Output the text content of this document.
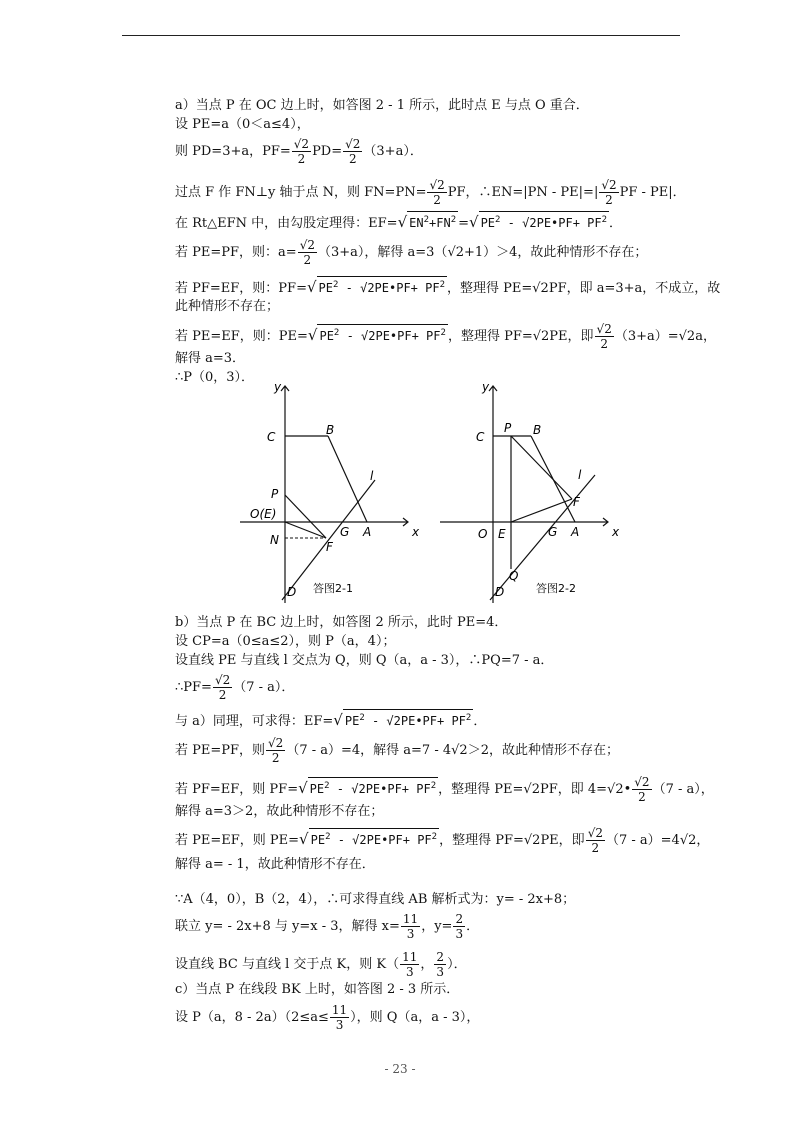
a）当点 P 在 OC 边上时，如答图 2 - 1 所示，此时点 E 与点 O 重合．
设 PE=a（0＜a≤4），
则 PD=3+a，$PF= \frac{√2}{2} PD= \frac{√2}{2} (3+a)$．
过点 F 作 FN⊥y 轴于点 N，则 $FN=PN= \frac{√2}{2}$ PF，∴EN=|PN - $PE|=| \frac{√2}{2}$ PF - PE|．
在 Rt△EFN 中，由勾股定理得：EF=√ $EN^2+FN^2$ =√ $PE^2$ - √2PE•PF+ $PF^2$ ．
若 PE=PF，则：$a= \frac{√2}{2} (3+a)$，解得 a=3（√2+1）＞4，故此种情形不存在；
若 PF=EF，则：PF=√ $PE^2$ - √2PE•PF+ $PF^2$ ，整理得 PE=√2PF，即 a=3+a，不成立，故
此种情形不存在；
若 PE=EF，则：PE=√ $PE^2$ - √2PE•PF+ $PF^2$ ，整理得 PF=√2PE，即 $\frac{√2}{2} (3+a)=√2a$，
解得 a=3．
∴P（0，3）．
y
x
C	B
l
P
O(E)
N
G A
F
D 答图2-1
y
x
C
P B
l
F
O E	G A
Q
D	答图2-2
b）当点 P 在 BC 边上时，如答图 2 所示，此时 PE=4．
设 CP=a（0≤a≤2），则 P（a，4）；
设直线 PE 与直线 l 交点为 Q，则 Q（a，a - 3），∴PQ=7 - a．
∴PF= $\frac{√2}{2} (7 - a)$．
与 a）同理，可求得：EF=√ $PE^2$ - √2PE•PF+ $PF^2$ ．
若 PE=PF，则 $\frac{√2}{2} (7 - a)=4$，解得 a=7 - 4√2＞2，故此种情形不存在；
若 PF=EF，则 PF=√ $PE^2$ - √2PE•PF+ $PF^2$ ，整理得 PE=√2PF，即 4=√2• $\frac{√2}{2} (7 - a)$，
解得 a=3＞2，故此种情形不存在；
若 PE=EF，则 PE=√ $PE^2$ - √2PE•PF+ $PF^2$ ，整理得 PF=√2PE，即 $\frac{√2}{2} (7 - a)=4√2$，
解得 a= - 1，故此种情形不存在．
∵A（4，0），B（2，4），∴可求得直线 AB 解析式为：y= - 2x+8；
联立 y= - 2x+8 与 y=x - 3，解得 $x= \frac{11}{3}$ ，$y= \frac{2}{3}$ ．
设直线 BC 与直线 l 交于点 K，则 $K( \frac{11}{3}$ ， $\frac{2}{3}$ ）．
c）当点 P 在线段 BK 上时，如答图 2 - 3 所示．
设 P（a，$8 - 2a)(2\le a\le \frac{11}{3}$ ），则 Q（a，a - 3），
- 23 -
